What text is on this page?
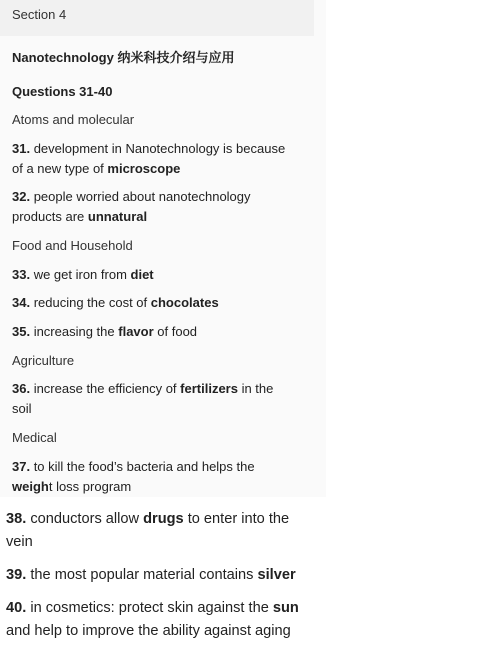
Section 4
Nanotechnology 纳米科技介绍与应用
Questions 31-40
Atoms and molecular
31. development in Nanotechnology is because
of a new type of microscope
32. people worried about nanotechnology
products are unnatural
Food and Household
33. we get iron from diet
34. reducing the cost of chocolates
35. increasing the flavor of food
Agriculture
36. increase the efficiency of fertilizers in the
soil
Medical
37. to kill the food’s bacteria and helps the
weight loss program
38. conductors allow drugs to enter into the
vein
39. the most popular material contains silver
40. in cosmetics: protect skin against the sun
and help to improve the ability against aging
